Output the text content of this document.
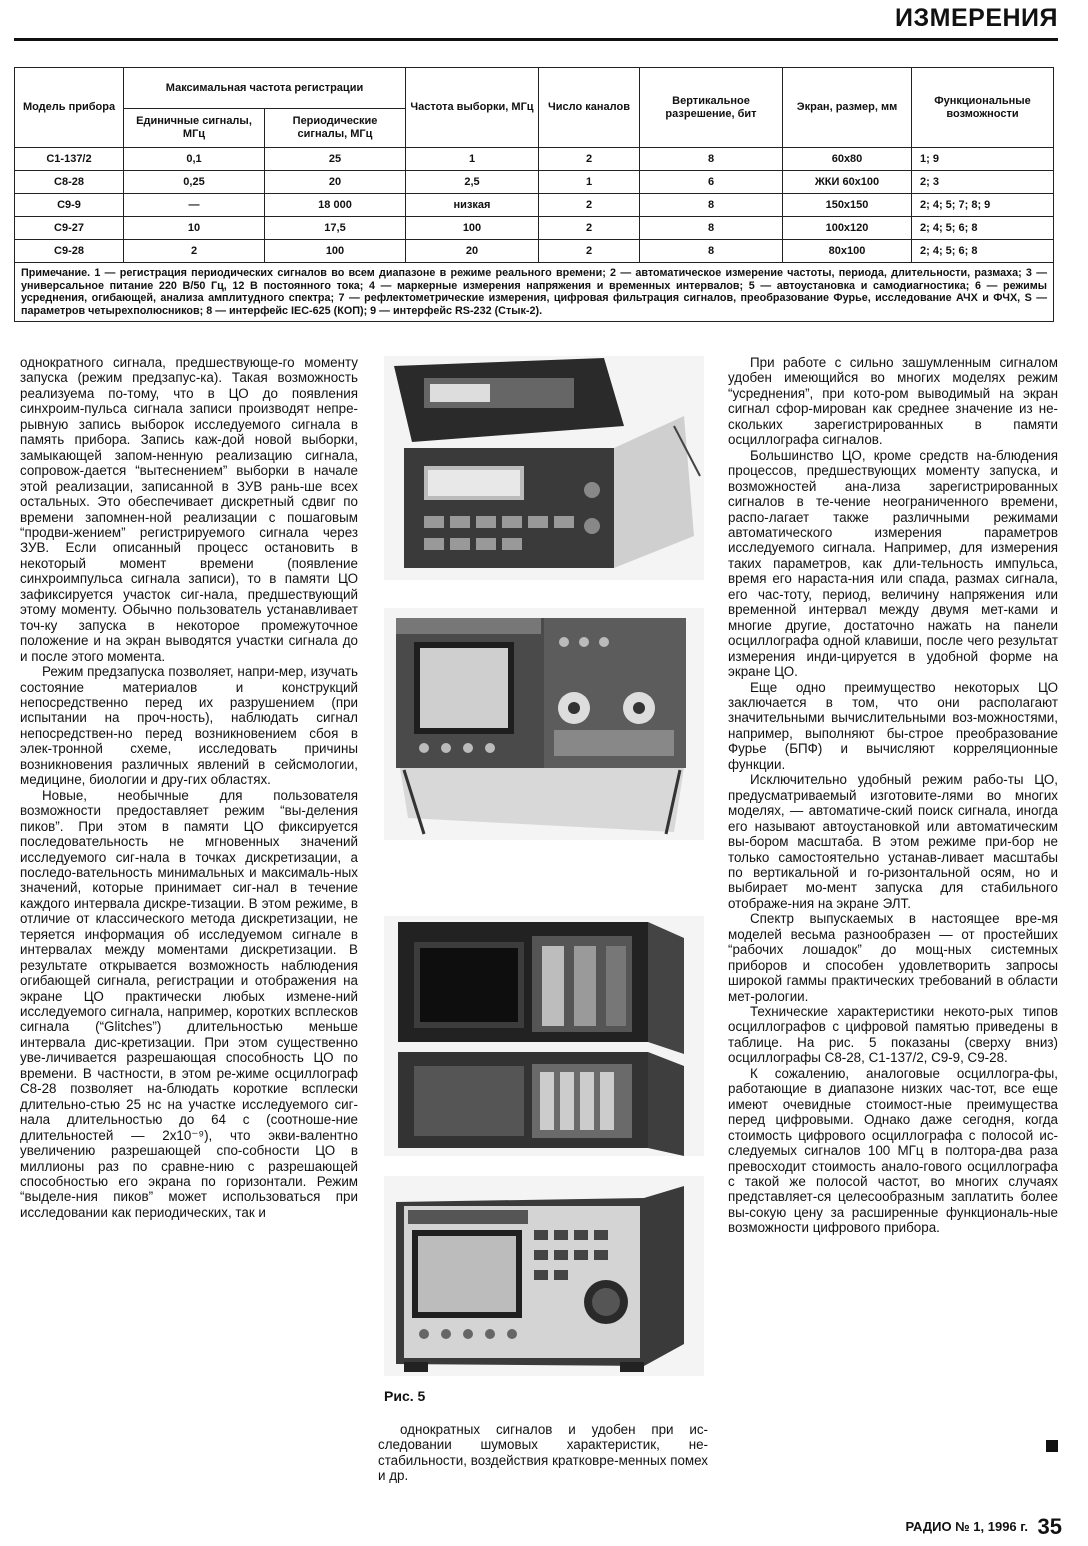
ИЗМЕРЕНИЯ
Модель прибора	Максимальная частота регистрации		Частота выборки, МГц	Число каналов	Вертикальное разрешение, бит	Экран, размер, мм	Функциональные возможности
	Единичные сигналы, МГц	Периодические сигналы, МГц					
С1-137/2	0,1	25	1	2	8	60х80	1; 9
С8-28	0,25	20	2,5	1	6	ЖКИ 60х100	2; 3
С9-9	—	18 000	низкая	2	8	150х150	2; 4; 5; 7; 8; 9
С9-27	10	17,5	100	2	8	100х120	2; 4; 5; 6; 8
С9-28	2	100	20	2	8	80х100	2; 4; 5; 6; 8
Примечание. 1 — регистрация периодических сигналов во всем диапазоне в режиме реального времени; 2 — автоматическое измерение частоты, периода, длительности, размаха; 3 — универсальное питание 220 В/50 Гц, 12 В постоянного тока; 4 — маркерные измерения напряжения и временных интервалов; 5 — автоустановка и самодиагностика; 6 — режимы усреднения, огибающей, анализа амплитудного спектра; 7 — рефлектометрические измерения, цифровая фильтрация сигналов, преобразование Фурье, исследование АЧХ и ФЧХ, S — параметров четырехполюсников; 8 — интерфейс IEC-625 (КОП); 9 — интерфейс RS-232 (Стык-2).							

однократного сигнала, предшествующе-го моменту запуска (режим предзапус-ка). Такая возможность реализуема по-тому, что в ЦО до появления синхроим-пульса сигнала записи производят непре-рывную запись выборок исследуемого сигнала в память прибора. Запись каж-дой новой выборки, замыкающей запом-ненную реализацию сигнала, сопровож-дается “вытеснением” выборки в начале этой реализации, записанной в ЗУВ рань-ше всех остальных. Это обеспечивает дискретный сдвиг по времени запомнен-ной реализации с пошаговым “продви-жением” регистрируемого сигнала через ЗУВ. Если описанный процесс остановить в некоторый момент времени (появление синхроимпульса сигнала записи), то в памяти ЦО зафиксируется участок сиг-нала, предшествующий этому моменту. Обычно пользователь устанавливает точ-ку запуска в некоторое промежуточное положение и на экран выводятся участки сигнала до и после этого момента.

Режим предзапуска позволяет, напри-мер, изучать состояние материалов и конструкций непосредственно перед их разрушением (при испытании на проч-ность), наблюдать сигнал непосредствен-но перед возникновением сбоя в элек-тронной схеме, исследовать причины возникновения различных явлений в сейсмологии, медицине, биологии и дру-гих областях.

Новые, необычные для пользователя возможности предоставляет режим “вы-деления пиков”. При этом в памяти ЦО фиксируется последовательность не мгновенных значений исследуемого сиг-нала в точках дискретизации, а последо-вательность минимальных и максималь-ных значений, которые принимает сиг-нал в течение каждого интервала дискре-тизации. В этом режиме, в отличие от классического метода дискретизации, не теряется информация об исследуемом сигнале в интервалах между моментами дискретизации. В результате открывается возможность наблюдения огибающей сигнала, регистрации и отображения на экране ЦО практически любых измене-ний исследуемого сигнала, например, коротких всплесков сигнала (“Glitches”) длительностью меньше интервала дис-кретизации. При этом существенно уве-личивается разрешающая способность ЦО по времени. В частности, в этом ре-жиме осциллограф С8-28 позволяет на-блюдать короткие всплески длительно-стью 25 нс на участке исследуемого сиг-нала длительностью до 64 с (соотноше-ние длительностей — 2x10⁻⁹), что экви-валентно увеличению разрешающей спо-собности ЦО в миллионы раз по сравне-нию с разрешающей способностью его экрана по горизонтали. Режим “выделе-ния пиков” может использоваться при исследовании как периодических, так и

Рис. 5

однократных сигналов и удобен при ис-следовании шумовых характеристик, не-стабильности, воздействия кратковре-менных помех и др.

При работе с сильно зашумленным сигналом удобен имеющийся во многих моделях режим “усреднения”, при кото-ром выводимый на экран сигнал сфор-мирован как среднее значение из не-скольких зарегистрированных в памяти осциллографа сигналов.

Большинство ЦО, кроме средств на-блюдения процессов, предшествующих моменту запуска, и возможностей ана-лиза зарегистрированных сигналов в те-чение неограниченного времени, распо-лагает также различными режимами автоматического измерения параметров исследуемого сигнала. Например, для измерения таких параметров, как дли-тельность импульса, время его нараста-ния или спада, размах сигнала, его час-тоту, период, величину напряжения или временной интервал между двумя мет-ками и многие другие, достаточно нажать на панели осциллографа одной клавиши, после чего результат измерения инди-цируется в удобной форме на экране ЦО.

Еще одно преимущество некоторых ЦО заключается в том, что они располагают значительными вычислительными воз-можностями, например, выполняют бы-строе преобразование Фурье (БПФ) и вычисляют корреляционные функции.

Исключительно удобный режим рабо-ты ЦО, предусматриваемый изготовите-лями во многих моделях, — автоматиче-ский поиск сигнала, иногда его называют автоустановкой или автоматическим вы-бором масштаба. В этом режиме при-бор не только самостоятельно устанав-ливает масштабы по вертикальной и го-ризонтальной осям, но и выбирает мо-мент запуска для стабильного отображе-ния на экране ЭЛТ.

Спектр выпускаемых в настоящее вре-мя моделей весьма разнообразен — от простейших “рабочих лошадок” до мощ-ных системных приборов и способен удовлетворить запросы широкой гаммы практических требований в области мет-рологии.

Технические характеристики некото-рых типов осциллографов с цифровой памятью приведены в таблице. На рис. 5 показаны (сверху вниз) осциллографы С8-28, С1-137/2, С9-9, С9-28.

К сожалению, аналоговые осциллогра-фы, работающие в диапазоне низких час-тот, все еще имеют очевидные стоимост-ные преимущества перед цифровыми. Однако даже сегодня, когда стоимость цифрового осциллографа с полосой ис-следуемых сигналов 100 МГц в полтора-два раза превосходит стоимость анало-гового осциллографа с такой же полосой частот, во многих случаях представляет-ся целесообразным заплатить более вы-сокую цену за расширенные функциональ-ные возможности цифрового прибора.

РАДИО № 1, 1996 г. 35
